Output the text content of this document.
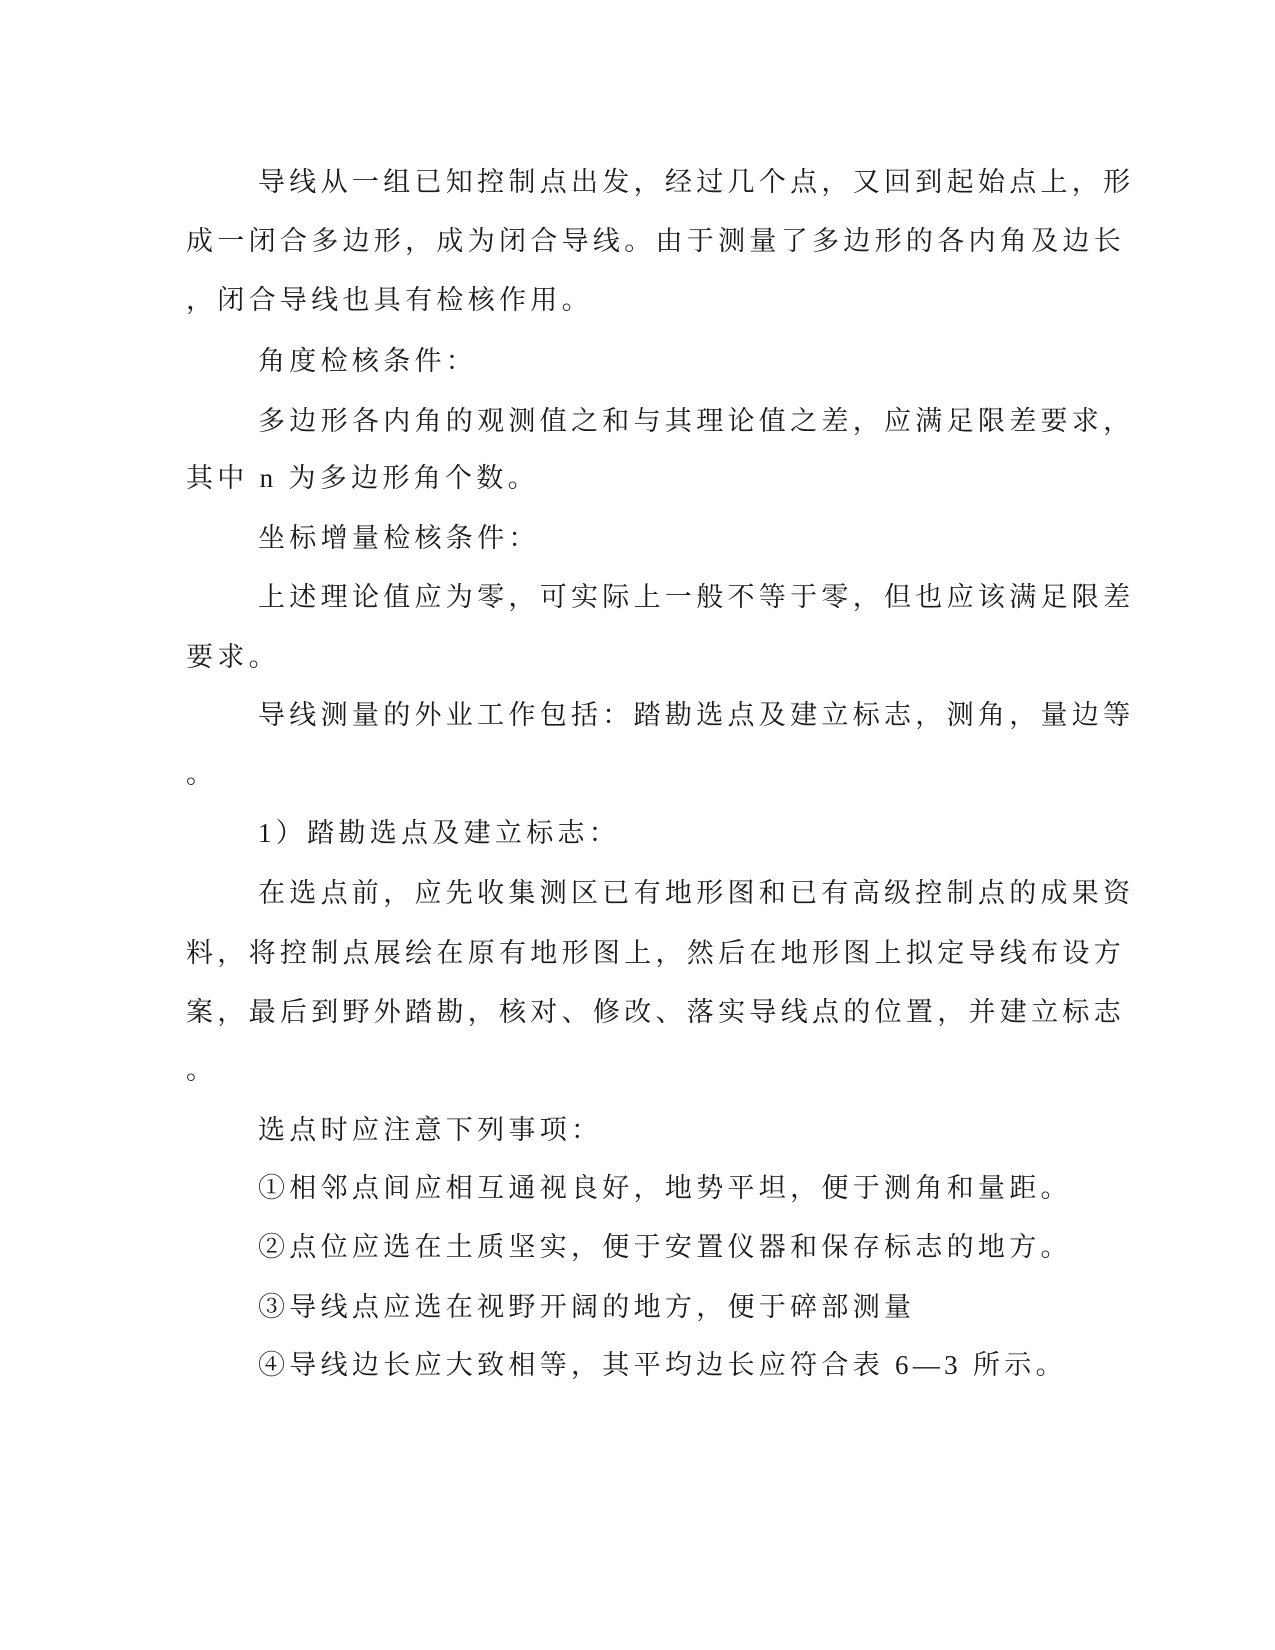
导线从一组已知控制点出发，经过几个点，又回到起始点上，形
成一闭合多边形，成为闭合导线。由于测量了多边形的各内角及边长
，闭合导线也具有检核作用。
角度检核条件：
多边形各内角的观测值之和与其理论值之差，应满足限差要求，
其中 n 为多边形角个数。
坐标增量检核条件：
上述理论值应为零，可实际上一般不等于零，但也应该满足限差
要求。
导线测量的外业工作包括：踏勘选点及建立标志，测角，量边等
。
1）踏勘选点及建立标志：
在选点前，应先收集测区已有地形图和已有高级控制点的成果资
料，将控制点展绘在原有地形图上，然后在地形图上拟定导线布设方
案，最后到野外踏勘，核对、修改、落实导线点的位置，并建立标志
。
选点时应注意下列事项：
①相邻点间应相互通视良好，地势平坦，便于测角和量距。
②点位应选在土质坚实，便于安置仪器和保存标志的地方。
③导线点应选在视野开阔的地方，便于碎部测量
④导线边长应大致相等，其平均边长应符合表 6—3 所示。
